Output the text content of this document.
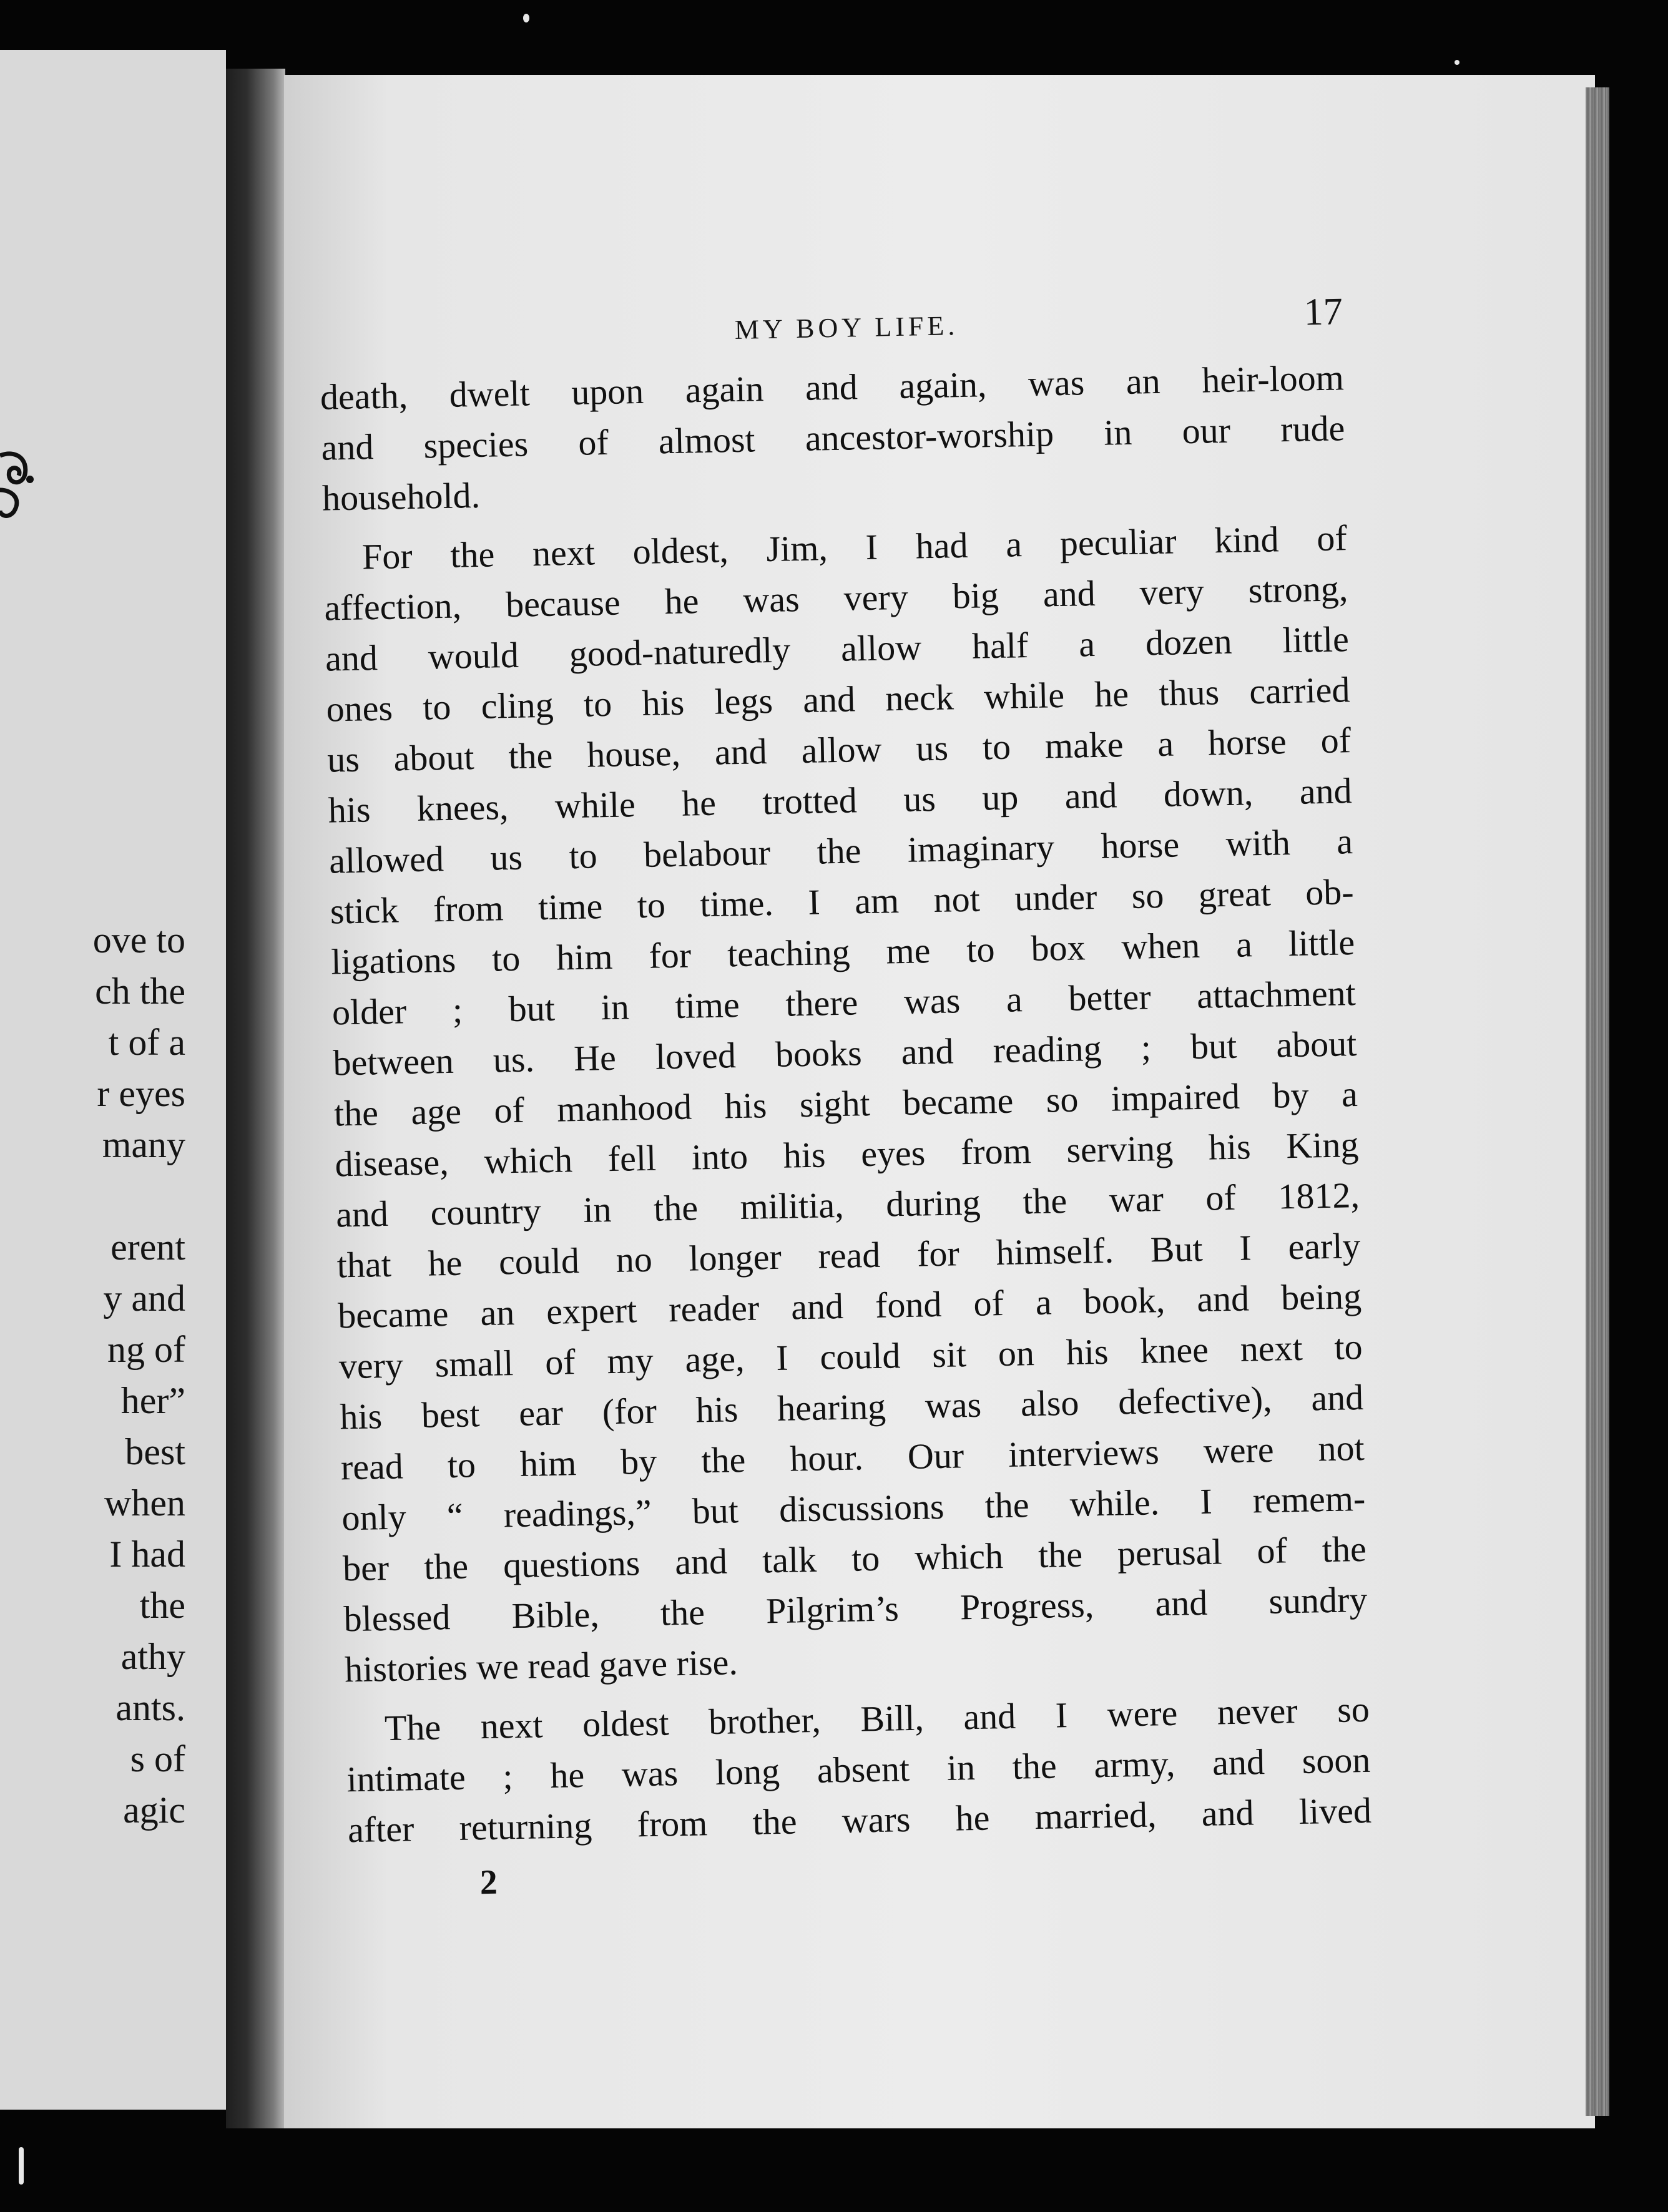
ove to
ch the
t of a
r eyes
many

erent
y and
ng of
her”
best
when
I had
the
athy
ants.
s of
agic
MY BOY LIFE.	17
death, dwelt upon again and again, was an heir-loom
and species of almost ancestor-worship in our rude
household.
For the next oldest, Jim, I had a peculiar kind of
affection, because he was very big and very strong,
and would good-naturedly allow half a dozen little
ones to cling to his legs and neck while he thus carried
us about the house, and allow us to make a horse of
his knees, while he trotted us up and down, and
allowed us to belabour the imaginary horse with a
stick from time to time. I am not under so great ob-
ligations to him for teaching me to box when a little
older ; but in time there was a better attachment
between us. He loved books and reading ; but about
the age of manhood his sight became so impaired by a
disease, which fell into his eyes from serving his King
and country in the militia, during the war of 1812,
that he could no longer read for himself. But I early
became an expert reader and fond of a book, and being
very small of my age, I could sit on his knee next to
his best ear (for his hearing was also defective), and
read to him by the hour. Our interviews were not
only “ readings,” but discussions the while. I remem-
ber the questions and talk to which the perusal of the
blessed Bible, the Pilgrim’s Progress, and sundry
histories we read gave rise.
The next oldest brother, Bill, and I were never so
intimate ; he was long absent in the army, and soon
after returning from the wars he married, and lived
2
